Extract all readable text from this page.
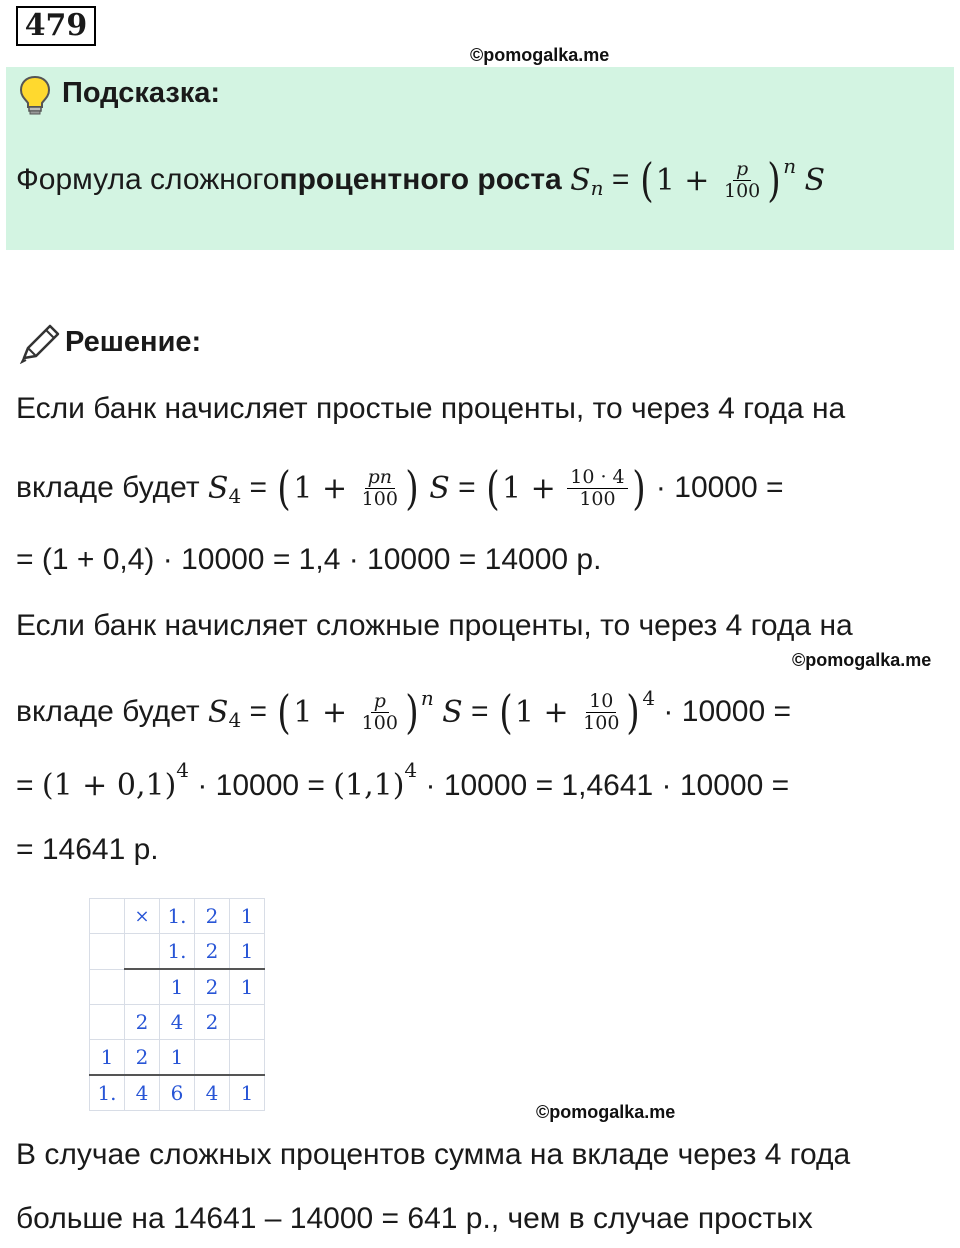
479
©pomogalka.me
Подсказка:
Формула сложного процентного роста
S n
=
( $1 + \frac{p}{100}$ ) n
S
Решение:
Если банк начисляет простые проценты, то через 4 года на
вкладе будет S 4 = ( $1 + \frac{pn}{100}$ )
S = ( $1 + \frac{10 \cdot 4}{100}$ ) · 10000 =
= (1 + 0,4) · 10000 = 1,4 · 10000 = 14000 р.
Если банк начисляет сложные проценты, то через 4 года на
©pomogalka.me
вкладе будет S 4 = ( $1 + \frac{p}{100}$ ) n
S = ( $1 + \frac{10}{100}$ ) 4 · 10000 =
= $(1 + 0,1)^4 \cdot 10000 = (1,1)^4 \cdot 10000 = 1,4641 \cdot 10000$ =
= 14641 р.
	×	1.	2	1
		1.	2	1
		1	2	1
	2	4	2	
1	2	1		
1.	4	6	4	1
©pomogalka.me
В случае сложных процентов сумма на вкладе через 4 года
больше на 14641 – 14000 = 641 р., чем в случае простых
